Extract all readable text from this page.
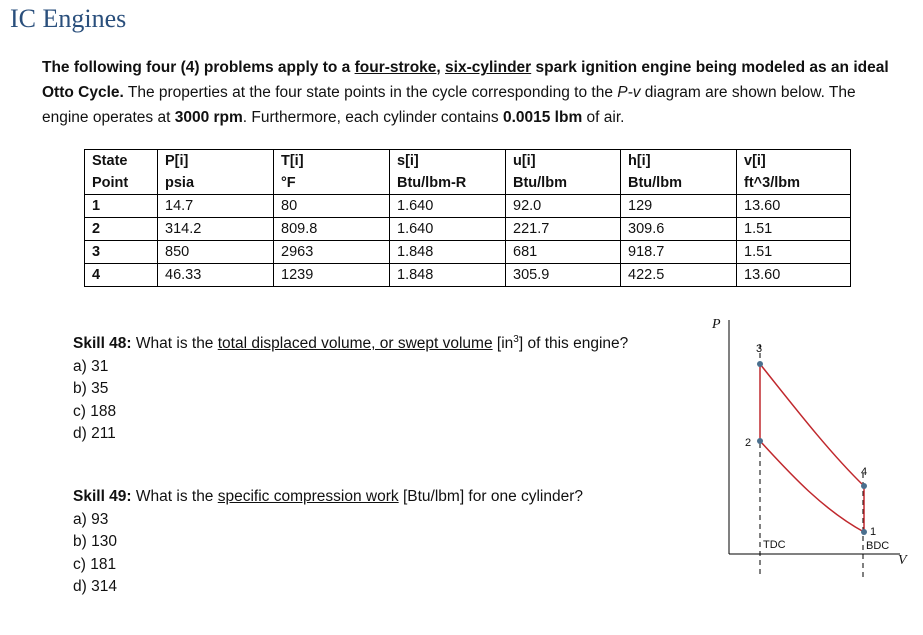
IC Engines
The following four (4) problems apply to a four-stroke, six-cylinder spark ignition engine being modeled as an ideal Otto Cycle. The properties at the four state points in the cycle corresponding to the P-v diagram are shown below. The engine operates at 3000 rpm. Furthermore, each cylinder contains 0.0015 lbm of air.
State	P[i]	T[i]	s[i]	u[i]	h[i]	v[i]
Point	psia	°F	Btu/lbm-R	Btu/lbm	Btu/lbm	ft^3/lbm
1	14.7	80	1.640	92.0	129	13.60
2	314.2	809.8	1.640	221.7	309.6	1.51
3	850	2963	1.848	681	918.7	1.51
4	46.33	1239	1.848	305.9	422.5	13.60
Skill 48: What is the total displaced volume, or swept volume $[in^3]$ of this engine?
a) 31
b) 35
c) 188
d) 211
Skill 49: What is the specific compression work [Btu/lbm] for one cylinder?
a) 93
b) 130
c) 181
d) 314
P
V
1
2
3
4
TDC	BDC
